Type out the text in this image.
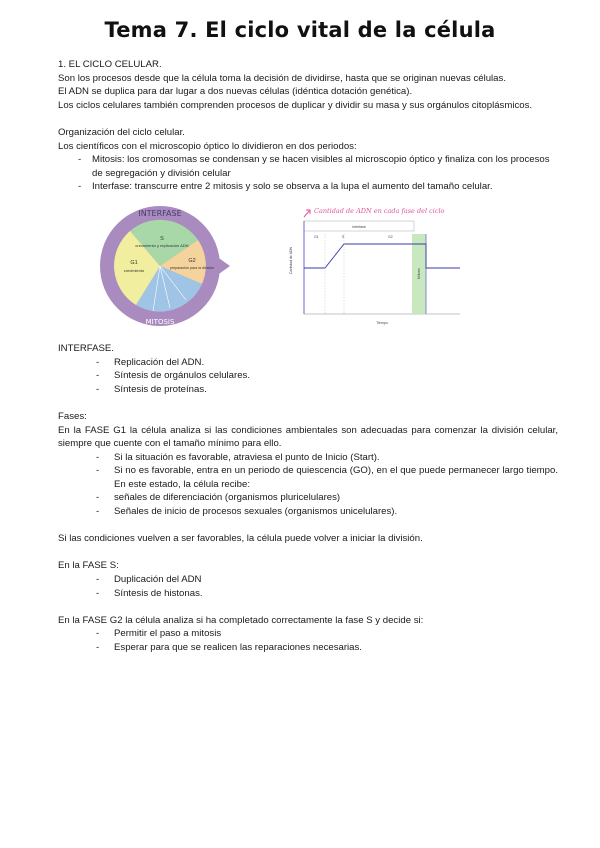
Tema 7. El ciclo vital de la célula

1. EL CICLO CELULAR.

Son los procesos desde que la célula toma la decisión de dividirse, hasta que se originan nuevas células.

El ADN se duplica para dar lugar a dos nuevas células (idéntica dotación genética).

Los ciclos celulares también comprenden procesos de duplicar y dividir su masa y sus orgánulos citoplásmicos.

Organización del ciclo celular.

Los científicos con el microscopio óptico lo dividieron en dos periodos:

- Mitosis: los cromosomas se condensan y se hacen visibles al microscopio óptico y finaliza con los procesos de segregación y división celular
- Interfase: transcurre entre 2 mitosis y solo se observa a la lupa el aumento del tamaño celular.
INTERFASE
MITOSIS
S
crecimiento y replicación ADN
G1
crecimiento
G2
preparación para la división
Cantidad de ADN en cada fase del ciclo
Interfase
G1	S	G2
Mitosis
Cantidad de ADN
Tiempo

INTERFASE.

- Replicación del ADN.
- Síntesis de orgánulos celulares.
- Síntesis de proteínas.

Fases:

En la FASE G1 la célula analiza si las condiciones ambientales son adecuadas para comenzar la división celular, siempre que cuente con el tamaño mínimo para ello.

- Si la situación es favorable, atraviesa el punto de Inicio (Start).
- Si no es favorable, entra en un periodo de quiescencia (GO), en el que puede permanecer largo tiempo. En este estado, la célula recibe:
- señales de diferenciación (organismos pluricelulares)
- Señales de inicio de procesos sexuales (organismos unicelulares).

Si las condiciones vuelven a ser favorables, la célula puede volver a iniciar la división.

En la FASE S:

- Duplicación del ADN
- Síntesis de histonas.

En la FASE G2 la célula analiza si ha completado correctamente la fase S y decide si:

- Permitir el paso a mitosis
- Esperar para que se realicen las reparaciones necesarias.
